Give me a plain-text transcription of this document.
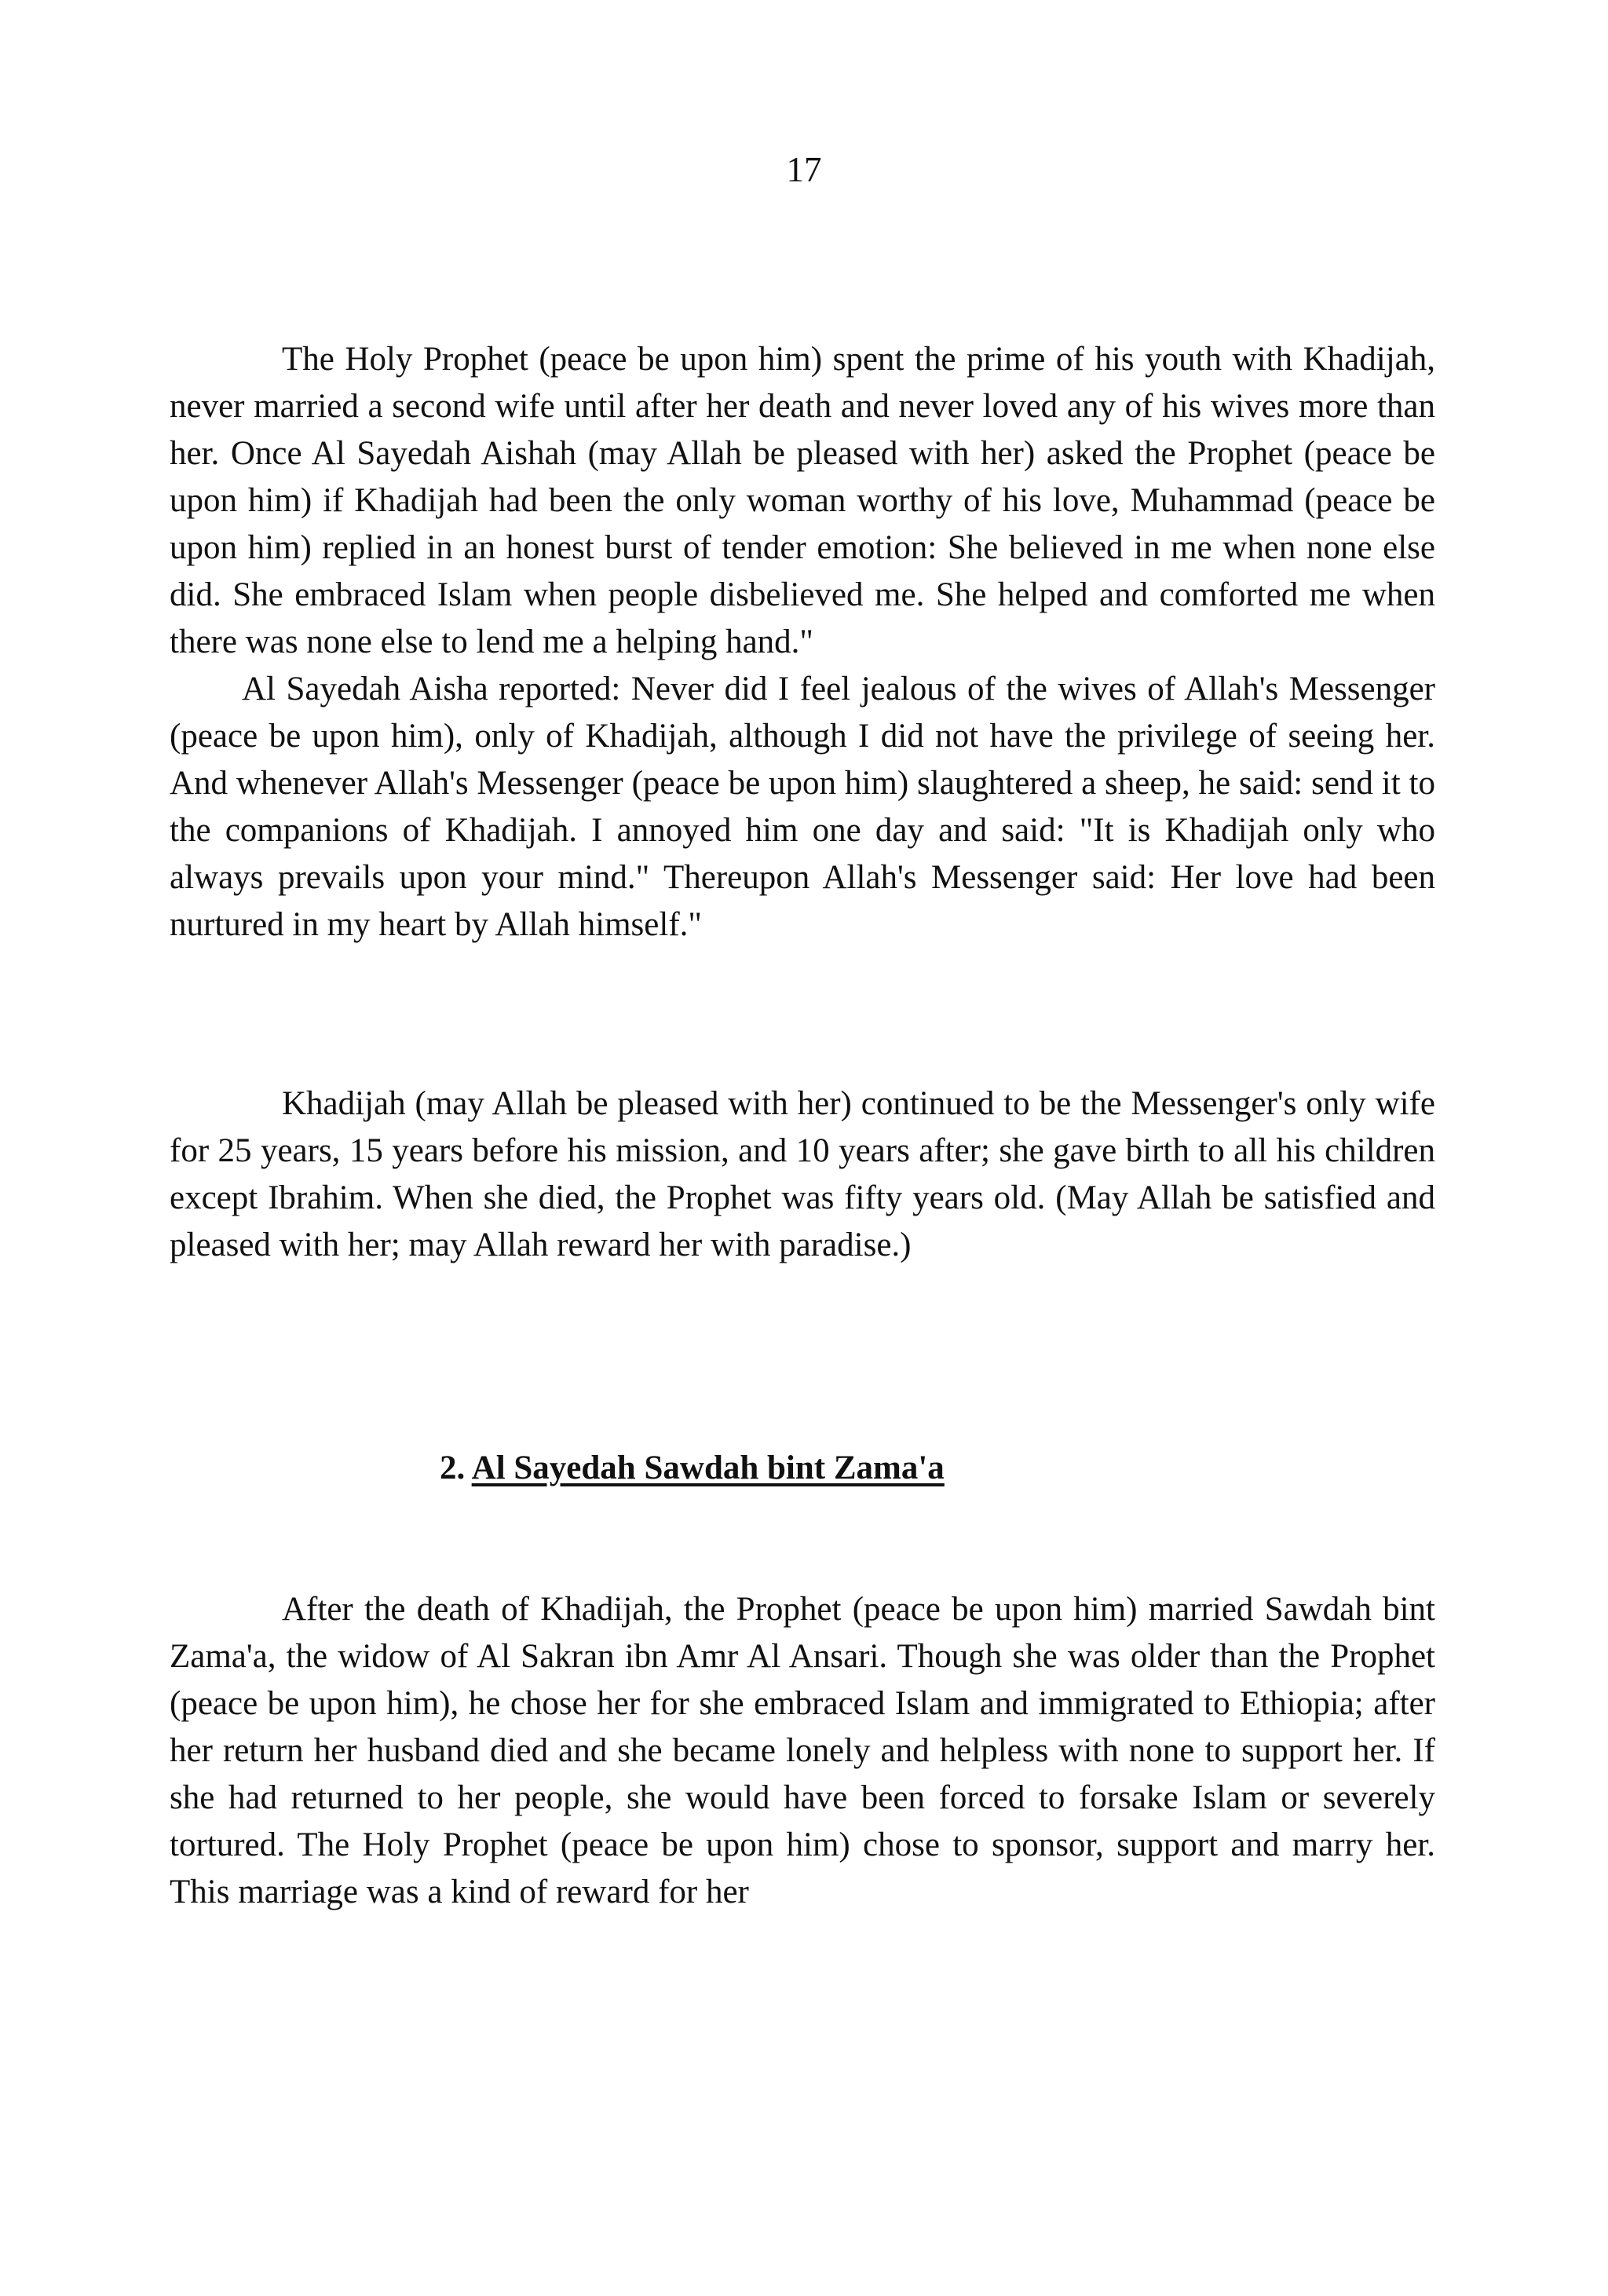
17

The Holy Prophet (peace be upon him) spent the prime of his youth with Khadijah, never married a second wife until after her death and never loved any of his wives more than her. Once Al Sayedah Aishah (may Allah be pleased with her) asked the Prophet (peace be upon him) if Khadijah had been the only woman worthy of his love, Muhammad (peace be upon him) replied in an honest burst of tender emotion: She believed in me when none else did. She embraced Islam when people disbelieved me. She helped and comforted me when there was none else to lend me a helping hand."

Al Sayedah Aisha reported: Never did I feel jealous of the wives of Allah's Messenger (peace be upon him), only of Khadijah, although I did not have the privilege of seeing her. And whenever Allah's Messenger (peace be upon him) slaughtered a sheep, he said: send it to the companions of Khadijah. I annoyed him one day and said: "It is Khadijah only who always prevails upon your mind." Thereupon Allah's Messenger said: Her love had been nurtured in my heart by Allah himself."

Khadijah (may Allah be pleased with her) continued to be the Messenger's only wife for 25 years, 15 years before his mission, and 10 years after; she gave birth to all his children except Ibrahim. When she died, the Prophet was fifty years old. (May Allah be satisfied and pleased with her; may Allah reward her with paradise.)

2. Al Sayedah Sawdah bint Zama'a

After the death of Khadijah, the Prophet (peace be upon him) married Sawdah bint Zama'a, the widow of Al Sakran ibn Amr Al Ansari. Though she was older than the Prophet (peace be upon him), he chose her for she embraced Islam and immigrated to Ethiopia; after her return her husband died and she became lonely and helpless with none to support her. If she had returned to her people, she would have been forced to forsake Islam or severely tortured. The Holy Prophet (peace be upon him) chose to sponsor, support and marry her. This marriage was a kind of reward for her
